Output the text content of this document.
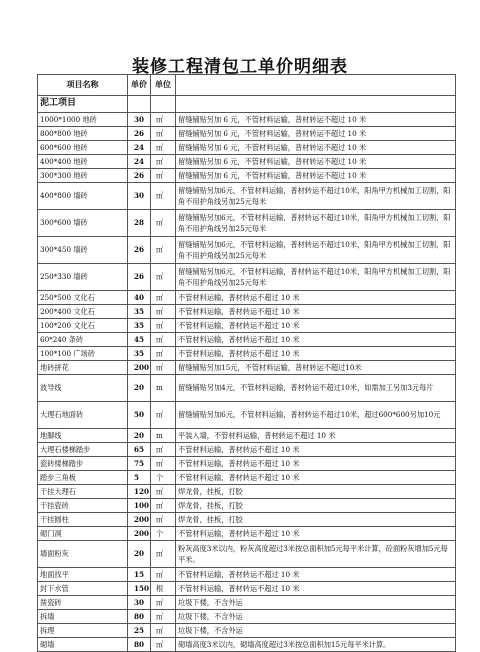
装修工程清包工单价明细表
项目名称	单价	单位	
泥工项目			
1000*1000 地砖	30	㎡	留缝铺贴另加 6 元，不管材料运输，普材转运不超过 10 米
800*800 地砖	26	㎡	留缝铺贴另加 6 元，不管材料运输，普材转运不超过 10 米
600*600 地砖	24	㎡	留缝铺贴另加 6 元，不管材料运输，普材转运不超过 10 米
400*400 地砖	24	㎡	留缝铺贴另加 6 元，不管材料运输，普材转运不超过 10 米
300*300 地砖	26	㎡	留缝铺贴另加 6 元，不管材料运输，普材转运不超过 10 米
400*800 墙砖	30	㎡	留缝铺贴另加6元，不管材料运输，普材转运不超过10米，阳角甲方机械加工切割，阳角不用护角线另加25元每米
300*600 墙砖	28	㎡	留缝铺贴另加6元，不管材料运输，普材转运不超过10米，阳角甲方机械加工切割，阳角不用护角线另加25元每米
300*450 墙砖	26	㎡	留缝铺贴另加6元，不管材料运输，普材转运不超过10米，阳角甲方机械加工切割，阳角不用护角线另加25元每米
250*330 墙砖	26	㎡	留缝铺贴另加6元，不管材料运输，普材转运不超过10米，阳角甲方机械加工切割，阳角不用护角线另加25元每米
250*500 文化石	40	㎡	不管材料运输，普材转运不超过 10 米
200*400 文化石	35	㎡	不管材料运输，普材转运不超过 10 米
100*200 文化石	35	㎡	不管材料运输，普材转运不超过 10 米
60*240 条砖	45	㎡	不管材料运输，普材转运不超过 10 米
100*100 广场砖	35	㎡	不管材料运输，普材转运不超过 10 米
地砖拼花	200	㎡	留缝铺贴另加15元，不管材料运输，普材转运不超过10米
波导线	20	m	留缝铺贴另加4元，不管材料运输，普材转运不超过10米，如需加工另加3元每片
大理石地面砖	50	㎡	留缝铺贴另加6元，不管材料运输，普材转运不超过10米，超过600*600另加10元
地脚线	20	m	平装入墙，不管材料运输，普材转运不超过 10 米
大理石楼梯踏步	65	㎡	不管材料运输，普材转运不超过 10 米
瓷砖楼梯踏步	75	㎡	不管材料运输，普材转运不超过 10 米
踏步三角板	5	个	不管材料运输，普材转运不超过 10 米
干挂大理石	120	㎡	焊龙骨，挂板，打胶
干挂瓷砖	100	㎡	焊龙骨，挂板，打胶
干挂圆柱	200	㎡	焊龙骨，挂板，打胶
砌门洞	200	个	不管材料运输，普材转运不超过 10 米
墙面粉灰	20	㎡	粉灰高度3米以内，粉灰高度超过3米按总面积加5元每平米计算，砼面粉灰增加5元每平米。
地面找平	15	㎡	不管材料运输，普材转运不超过 10 米
封下水管	150	根	不管材料运输，普材转运不超过 10 米
凿瓷砖	30	㎡	垃圾下楼，不含外运
拆墙	80	㎡	垃圾下楼，不含外运
拆理	25	㎡	垃圾下楼，不含外运
砌墙	80	㎡	砌墙高度3米以内，砌墙高度超过3米按总面积加15元每平米计算。
